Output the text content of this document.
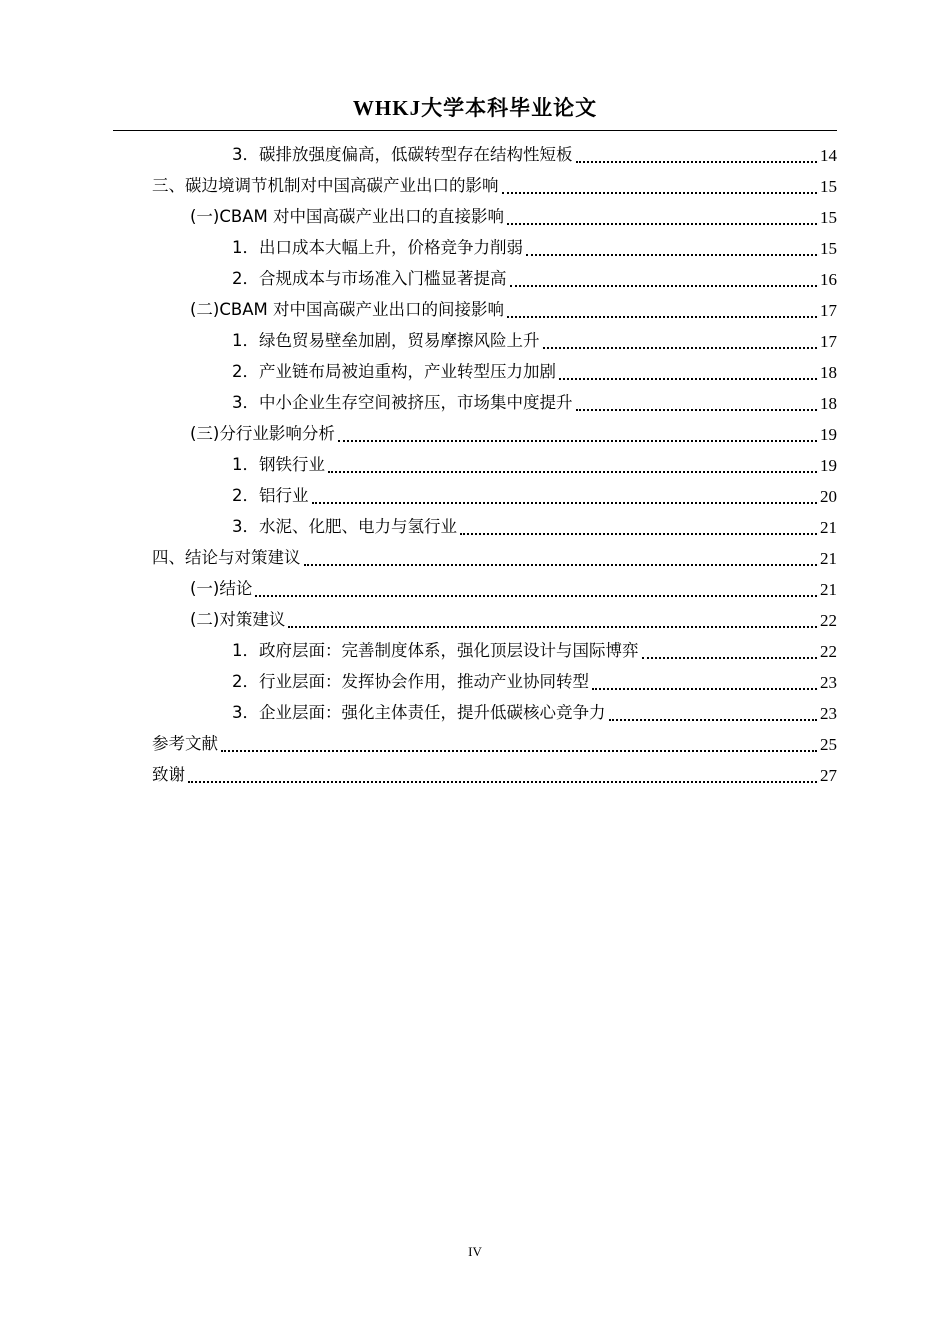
WHKJ大学本科毕业论文
3．碳排放强度偏高，低碳转型存在结构性短板	14
三、碳边境调节机制对中国高碳产业出口的影响	15
(一)CBAM 对中国高碳产业出口的直接影响	15
1．出口成本大幅上升，价格竞争力削弱	15
2．合规成本与市场准入门槛显著提高	16
(二)CBAM 对中国高碳产业出口的间接影响	17
1．绿色贸易壁垒加剧，贸易摩擦风险上升	17
2．产业链布局被迫重构，产业转型压力加剧	18
3．中小企业生存空间被挤压，市场集中度提升	18
(三)分行业影响分析	19
1．钢铁行业	19
2．铝行业	20
3．水泥、化肥、电力与氢行业	21
四、结论与对策建议	21
(一)结论	21
(二)对策建议	22
1．政府层面：完善制度体系，强化顶层设计与国际博弈	22
2．行业层面：发挥协会作用，推动产业协同转型	23
3．企业层面：强化主体责任，提升低碳核心竞争力	23
参考文献	25
致谢	27
IV
